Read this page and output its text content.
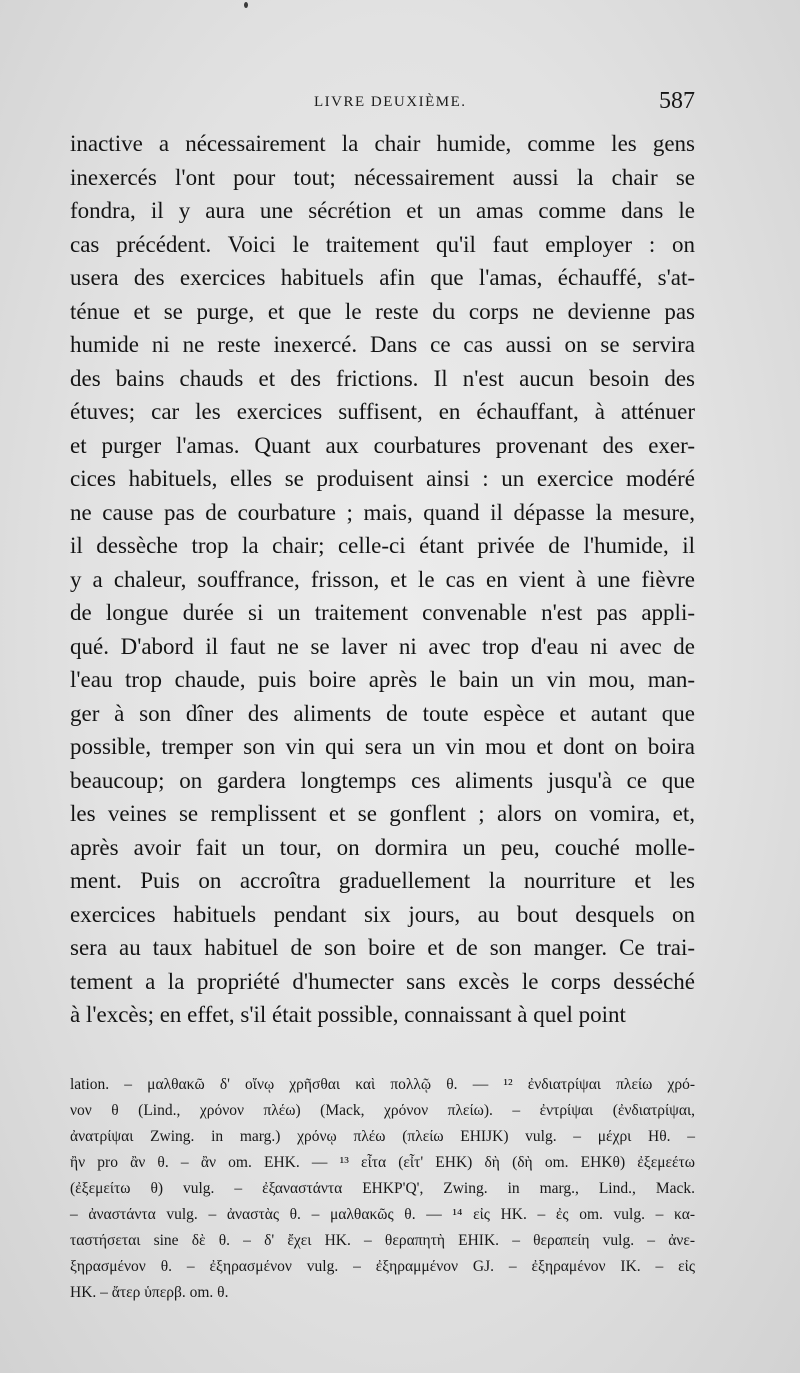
LIVRE DEUXIÈME.	587
inactive a nécessairement la chair humide, comme les gens
inexercés l'ont pour tout; nécessairement aussi la chair se
fondra, il y aura une sécrétion et un amas comme dans le
cas précédent. Voici le traitement qu'il faut employer : on
usera des exercices habituels afin que l'amas, échauffé, s'at-
ténue et se purge, et que le reste du corps ne devienne pas
humide ni ne reste inexercé. Dans ce cas aussi on se servira
des bains chauds et des frictions. Il n'est aucun besoin des
étuves; car les exercices suffisent, en échauffant, à atténuer
et purger l'amas. Quant aux courbatures provenant des exer-
cices habituels, elles se produisent ainsi : un exercice modéré
ne cause pas de courbature ; mais, quand il dépasse la mesure,
il dessèche trop la chair; celle-ci étant privée de l'humide, il
y a chaleur, souffrance, frisson, et le cas en vient à une fièvre
de longue durée si un traitement convenable n'est pas appli-
qué. D'abord il faut ne se laver ni avec trop d'eau ni avec de
l'eau trop chaude, puis boire après le bain un vin mou, man-
ger à son dîner des aliments de toute espèce et autant que
possible, tremper son vin qui sera un vin mou et dont on boira
beaucoup; on gardera longtemps ces aliments jusqu'à ce que
les veines se remplissent et se gonflent ; alors on vomira, et,
après avoir fait un tour, on dormira un peu, couché molle-
ment. Puis on accroîtra graduellement la nourriture et les
exercices habituels pendant six jours, au bout desquels on
sera au taux habituel de son boire et de son manger. Ce trai-
tement a la propriété d'humecter sans excès le corps desséché
à l'excès; en effet, s'il était possible, connaissant à quel point
lation. – μαλθακῶ δ' οἴνῳ χρῆσθαι καὶ πολλῷ θ. — ¹² ἐνδιατρίψαι πλείω χρό-
νον θ (Lind., χρόνον πλέω) (Mack, χρόνον πλείω). – ἐντρίψαι (ἐνδιατρίψαι,
ἀνατρίψαι Zwing. in marg.) χρόνῳ πλέω (πλείω EHIJK) vulg. – μέχρι Hθ. –
ἢν pro ἂν θ. – ἂν om. EHK. — ¹³ εἶτα (εἶτ' EHK) δὴ (δὴ om. EHKθ) ἐξεμεέτω
(ἐξεμείτω θ) vulg. – ἐξαναστάντα EHKP'Q', Zwing. in marg., Lind., Mack.
– ἀναστάντα vulg. – ἀναστὰς θ. – μαλθακῶς θ. — ¹⁴ εἰς HK. – ἐς om. vulg. – κα-
ταστήσεται sine δὲ θ. – δ' ἔχει HK. – θεραπητὴ EHIK. – θεραπείη vulg. – ἀνε-
ξηρασμένον θ. – ἐξηρασμένον vulg. – ἐξηραμμένον GJ. – ἐξηραμένον IK. – εἰς
HK. – ἄτερ ὑπερβ. om. θ.
